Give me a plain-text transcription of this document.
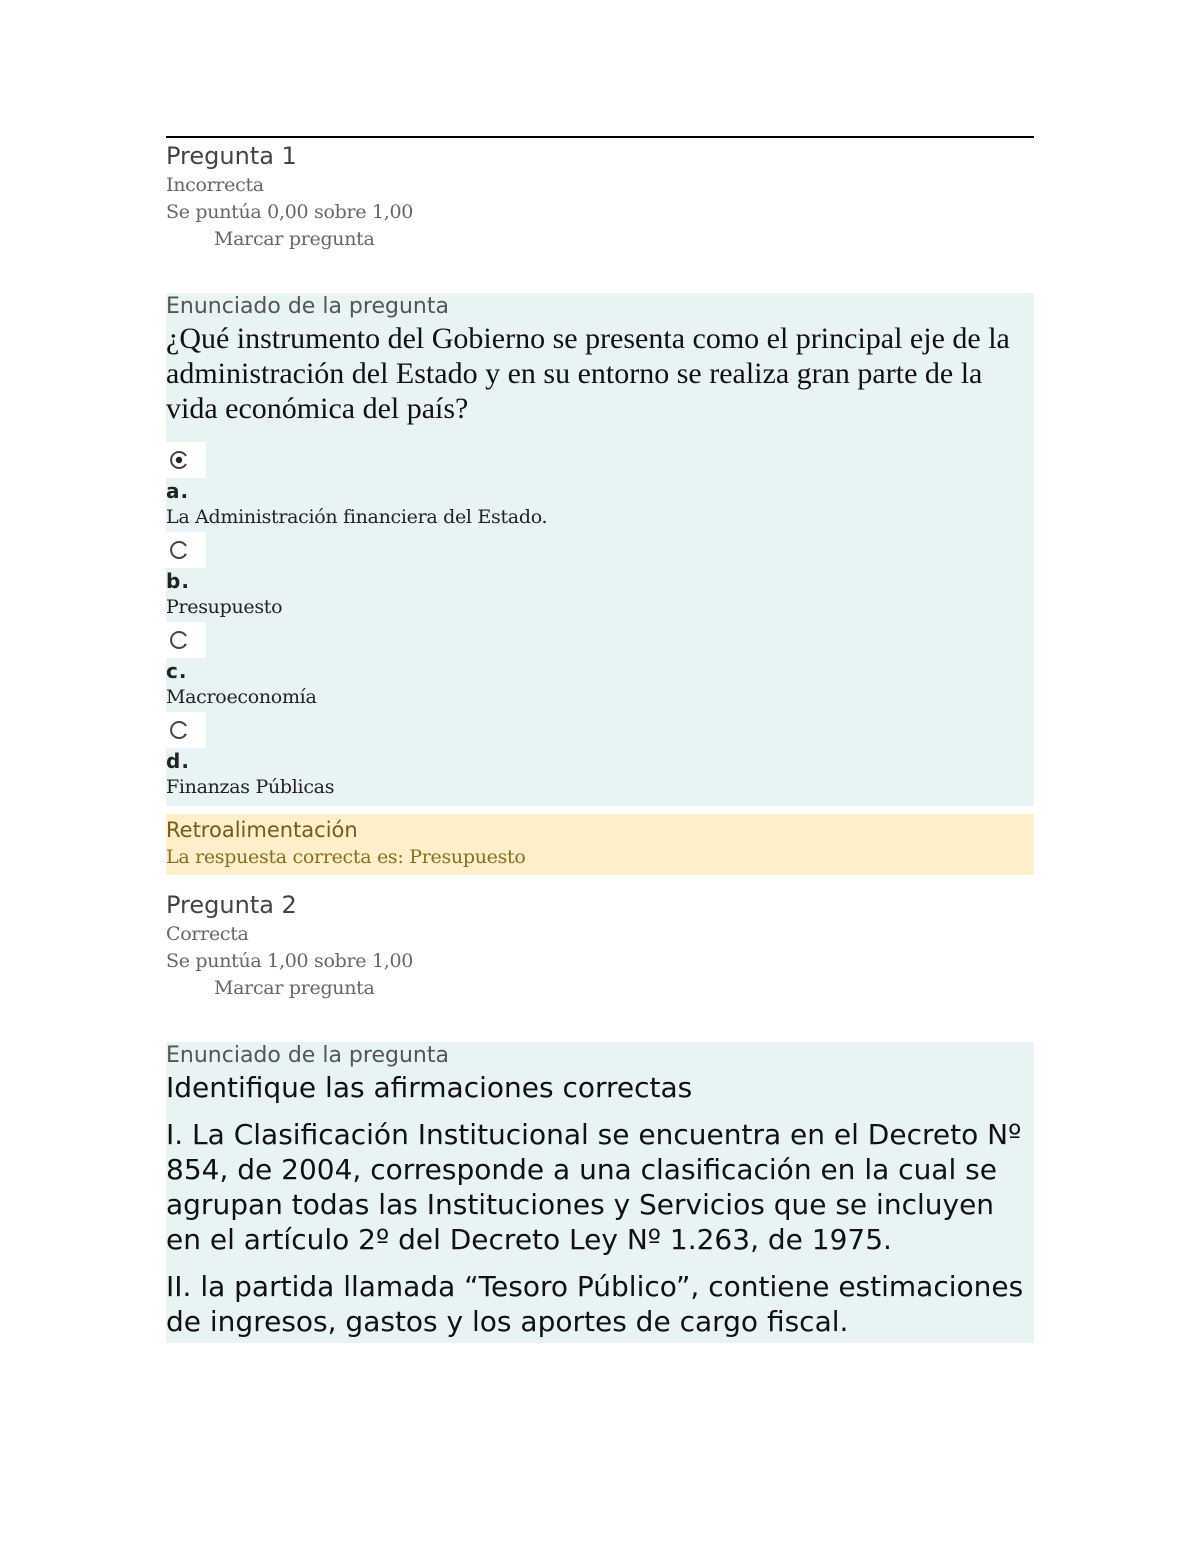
Pregunta 1
Incorrecta
Se puntúa 0,00 sobre 1,00
Marcar pregunta
Enunciado de la pregunta
¿Qué instrumento del Gobierno se presenta como el principal eje de la administración del Estado y en su entorno se realiza gran parte de la vida económica del país?
a.
La Administración financiera del Estado.
b.
Presupuesto
c.
Macroeconomía
d.
Finanzas Públicas
Retroalimentación
La respuesta correcta es: Presupuesto
Pregunta 2
Correcta
Se puntúa 1,00 sobre 1,00
Marcar pregunta
Enunciado de la pregunta
Identifique las afirmaciones correctas
I. La Clasificación Institucional se encuentra en el Decreto Nº 854, de 2004, corresponde a una clasificación en la cual se agrupan todas las Instituciones y Servicios que se incluyen en el artículo 2º del Decreto Ley Nº 1.263, de 1975.
II. la partida llamada “Tesoro Público”, contiene estimaciones de ingresos, gastos y los aportes de cargo fiscal.
